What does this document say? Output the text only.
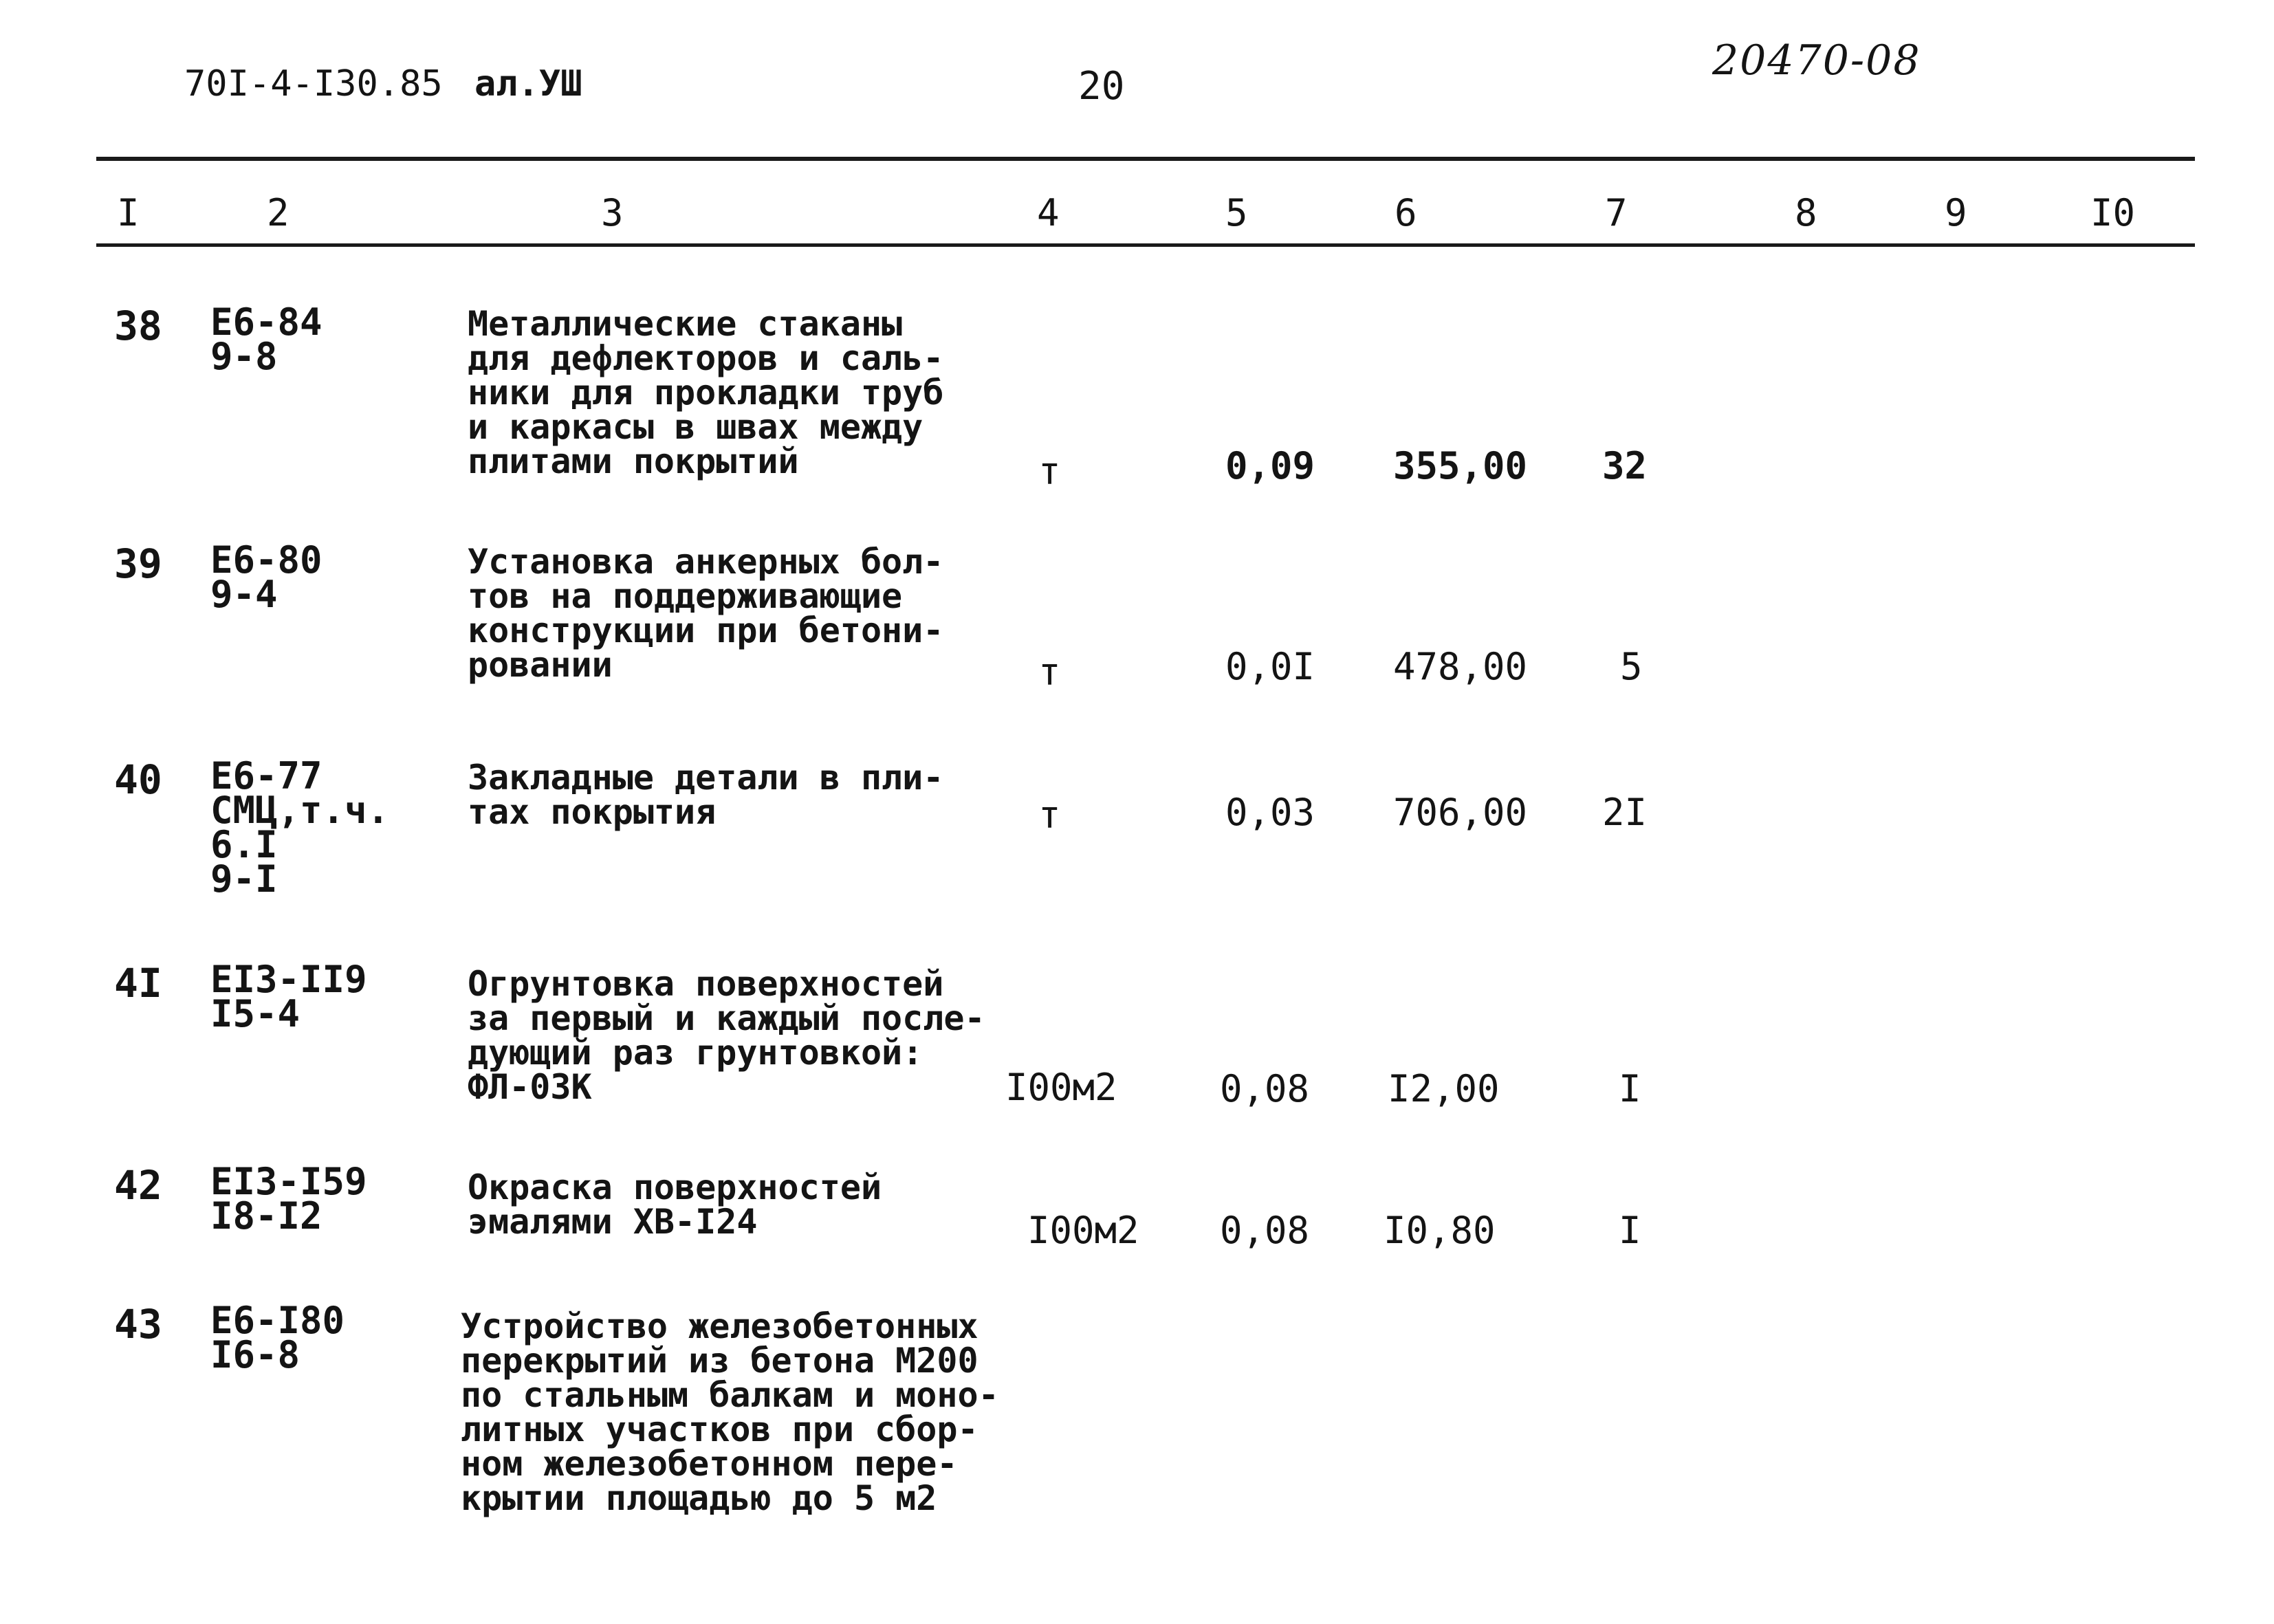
70I-4-I30.85 ал.УШ	20
20470-08
I	2	3	4	5	6	7	8	9	I0
38 Е6-84
9-8
Металлические стаканы
для дефлекторов и саль-
ники для прокладки труб
и каркасы в швах между
плитами покрытий	т	0,09 355,00 32
39 Е6-80
9-4
Установка анкерных бол-
тов на поддерживающие
конструкции при бетони-
ровании	т	0,0I 478,00 5
40 Е6-77
СМЦ,т.ч.
6.I
9-I
Закладные детали в пли-
тах покрытия	т	0,03 706,00 2I
4I ЕI3-II9
I5-4
Огрунтовка поверхностей
за первый и каждый после-
дующий раз грунтовкой:
ФЛ-03К	I00м2	0,08 I2,00	I
42 ЕI3-I59
I8-I2
Окраска поверхностей
эмалями ХВ-I24	I00м2 0,08 I0,80	I
43 Е6-I80
I6-8
Устройство железобетонных
перекрытий из бетона М200
по стальным балкам и моно-
литных участков при сбор-
ном железобетонном пере-
крытии площадью до 5 м2
